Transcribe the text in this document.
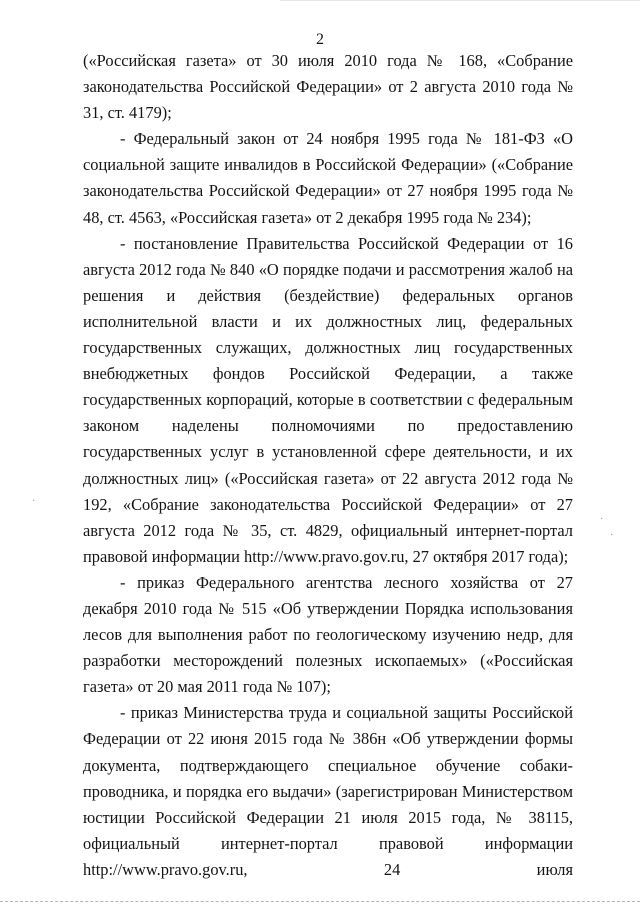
2

(«Российская газета» от 30 июля 2010 года № 168, «Собрание законодательства Российской Федерации» от 2 августа 2010 года № 31, ст. 4179);

- Федеральный закон от 24 ноября 1995 года № 181-ФЗ «О социальной защите инвалидов в Российской Федерации» («Собрание законодательства Российской Федерации» от 27 ноября 1995 года № 48, ст. 4563, «Российская газета» от 2 декабря 1995 года № 234);

- постановление Правительства Российской Федерации от 16 августа 2012 года № 840 «О порядке подачи и рассмотрения жалоб на решения и действия (бездействие) федеральных органов исполнительной власти и их должностных лиц, федеральных государственных служащих, должностных лиц государственных внебюджетных фондов Российской Федерации, а также государственных корпораций, которые в соответствии с федеральным законом наделены полномочиями по предоставлению государственных услуг в установленной сфере деятельности, и их должностных лиц» («Российская газета» от 22 августа 2012 года № 192, «Собрание законодательства Российской Федерации» от 27 августа 2012 года № 35, ст. 4829, официальный интернет-портал правовой информации http://www.pravo.gov.ru, 27 октября 2017 года);

- приказ Федерального агентства лесного хозяйства от 27 декабря 2010 года № 515 «Об утверждении Порядка использования лесов для выполнения работ по геологическому изучению недр, для разработки месторождений полезных ископаемых» («Российская газета» от 20 мая 2011 года № 107);

- приказ Министерства труда и социальной защиты Российской Федерации от 22 июня 2015 года № 386н «Об утверждении формы документа, подтверждающего специальное обучение собаки-проводника, и порядка его выдачи» (зарегистрирован Министерством юстиции Российской Федерации 21 июля 2015 года, № 38115, официальный интернет-портал правовой информации http://www.pravo.gov.ru, 24 июля

·
·
·
